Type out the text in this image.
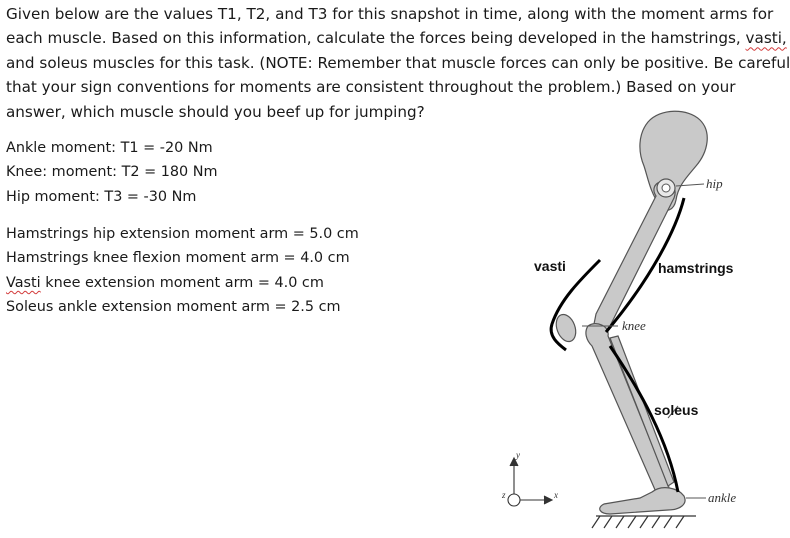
Given below are the values T1, T2, and T3 for this snapshot in time, along with the moment arms for
each muscle. Based on this information, calculate the forces being developed in the hamstrings, vasti,
and soleus muscles for this task. (NOTE: Remember that muscle forces can only be positive. Be careful
that your sign conventions for moments are consistent throughout the problem.) Based on your
answer, which muscle should you beef up for jumping?
Ankle moment: T1 = -20 Nm
Knee: moment: T2 = 180 Nm
Hip moment: T3 = -30 Nm
Hamstrings hip extension moment arm = 5.0 cm
Hamstrings knee flexion moment arm = 4.0 cm
Vasti knee extension moment arm = 4.0 cm
Soleus ankle extension moment arm = 2.5 cm
hip
vasti	hamstrings
knee
soleus
ankle
y
x
z
